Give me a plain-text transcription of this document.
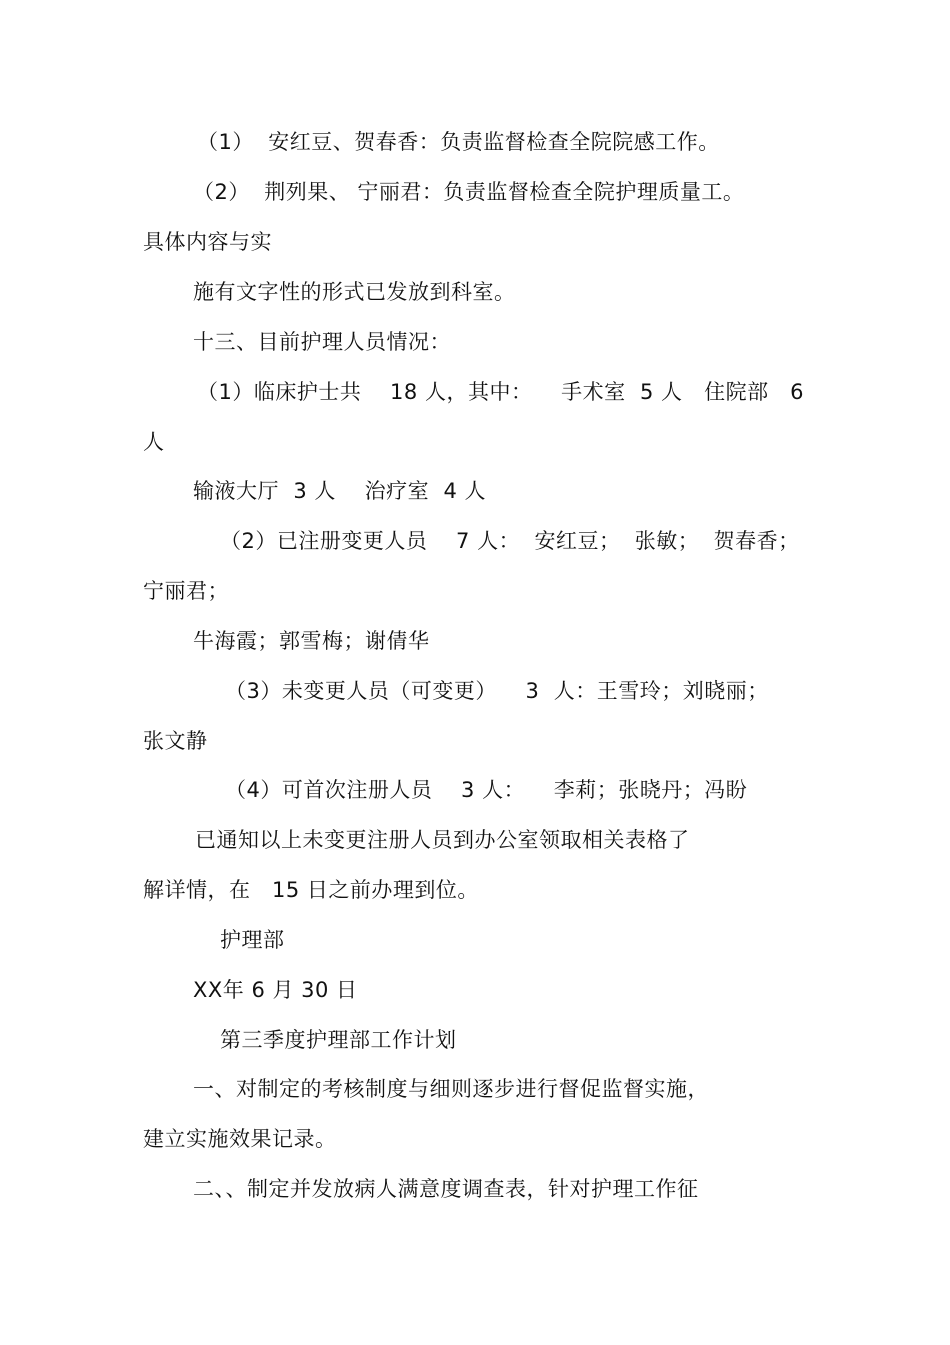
（1）  安红豆、贺春香：负责监督检查全院院感工作。
（2）  荆列果、 宁丽君：负责监督检查全院护理质量工。
具体内容与实
施有文字性的形式已发放到科室。
十三、目前护理人员情况：
（1）临床护士共    18 人，其中：    手术室  5 人   住院部   6
人
输液大厅  3 人    治疗室  4 人
（2）已注册变更人员    7 人：  安红豆；  张敏；  贺春香；
宁丽君；
牛海霞；郭雪梅；谢倩华
（3）未变更人员（可变更）    3  人：王雪玲；刘晓丽；
张文静
（4）可首次注册人员    3 人：    李莉；张晓丹；冯盼
已通知以上未变更注册人员到办公室领取相关表格了
解详情，在   15 日之前办理到位。
护理部
XX年 6 月 30 日
第三季度护理部工作计划
一、对制定的考核制度与细则逐步进行督促监督实施，
建立实施效果记录。
二、、制定并发放病人满意度调查表，针对护理工作征
